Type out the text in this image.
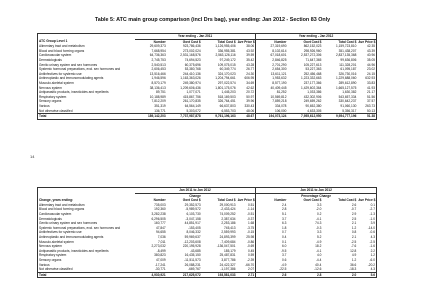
Table 5: ATC main group comparison (incl Drs bag), year ending: Jan 2012 - Section 83 Only
14
	Year ending - Jan 2011				Year ending - Jan 2012			
ATC Group Level 1	Number	Govt Cost $	Total Cost $	Ave Price $	Number	Govt Cost $	Total Cost $	Ave Price $
Alimentary tract and metabolism	29,609,373	923,786,436	1,126,955,406	38.06	27,319,690	862,152,023	1,159,723,810	42.35
Blood and blood forming organs	7,668,954	273,002,024	336,955,381	43.92	8,102,614	298,926,960	351,438,207	43.39
Cardiovascular system	64,736,363	2,531,168,576	2,563,126,116	39.59	67,018,601	2,537,272,306	2,837,135,368	40.96
Dermatologicals	2,745,753	74,694,523	97,249,172	35.42	2,846,825	71,647,365	99,636,806	35.05
Genito urinary system and sex hormones	2,540,513	60,375,696	109,075,015	43.28	2,701,290	105,227,613	111,328,201	44.96
Systemic hormonal preparations, excl. sex hormones and	2,606,453	53,380,768	60,349,774	26.77	2,654,300	53,227,363	61,095,187	23.02
Antiinfectives for systemic use	13,516,466	244,410,136	324,170,023	24.30	13,611,121	252,456,468	326,730,016	24.15
Antineoplastic and immunomodulating agents	1,946,596	1,163,363,026	1,204,794,661	606.95	1,953,632	1,223,332,663	1,229,688,060	632.93
Musculo-skeletal system	8,570,179	249,380,974	297,022,574	34.69	8,577,190	237,177,366	289,612,890	33.83
Nervous system	38,136,413	1,209,606,436	1,801,175,076	42.62	40,409,445	1,429,602,364	1,665,127,575	41.93
Antiparasitic products, insecticides and repellents	89,751	1,077,071	1,445,203	20.72	81,252	1,033,386	1,630,382	21.17
Respiratory system	10,188,989	415,867,756	518,169,503	50.97	10,569,812	432,302,906	543,657,334	51.56
Sensory organs	7,812,209	261,170,835	326,764,451	39.96	7,859,218	249,659,262	330,642,237	37.57
Various	351,319	64,564,149	66,637,803	330.43	334,078	90,652,380	91,060,130	263.73
Not otherwise classified	136,771	5,303,072	6,553,703	48.06	106,000	4,633,305	5,356,317	50.13
Total	189,142,203	7,737,987,878	9,761,196,163	48.67	194,073,124	7,955,612,950	9,954,777,196	51.38
	Jan 2011 to Jan 2012				Jan 2011 to Jan 2012			
	Change				Percentage Change			
Change, years ending:	Number	Govt Cost $	Total Cost $	Ave Price $	Number	Govt Cost $	Total Cost $	Ave Price $
Alimentary tract and metabolism	735,003	29,352,573	29,000,913	0.51	2.4	3.3	2.6	0.1
Blood and blood forming organs	192,360	-5,989,572	-2,433,424	-1.14	2.8	-2.0	-0.7	-2.7
Cardiovascular system	3,282,238	6,103,730	74,009,252	-0.51	5.1	0.2	2.9	-1.3
Dermatologicals	6,296,505	-3,047,158	2,387,634	-0.37	3.7	-4.1	2.5	-1.0
Genito urinary system and sex hormones	160,777	44,851,917	2,253,186	1.68	6.3	74.3	2.1	3.9
Systemic hormonal preparations, excl. sex hormones and	47,847	-153,405	745,413	-3.75	1.8	-0.3	1.2	-14.0
Antiinfectives for systemic use	94,655	8,046,332	2,559,993	-0.15	0.7	3.3	0.8	-0.6
Antineoplastic and immunomodulating agents	7,036	59,969,637	24,893,399	25.98	0.4	5.2	2.1	4.3
Musculo-skeletal system	7,011	-12,203,608	-7,409,684	-0.86	0.1	-4.9	-2.5	-2.5
Nervous system	2,273,032	220,195,928	-136,047,501	-0.69	6.0	18.2	-7.6	-1.6
Antiparasitic products, insecticides and repellents	-8,499	-43,685	185,179	0.45	-9.5	-4.1	12.8	2.2
Respiratory system	380,823	16,435,150	25,487,831	0.59	3.7	4.0	4.9	1.2
Sensory organs	47,009	-11,511,573	3,877,786	-2.39	0.6	-4.4	1.2	-6.0
Various	-17,241	26,088,231	24,422,327	-66.70	-4.9	40.4	36.6	-20.2
Not otherwise classified	-30,771	-669,767	-1,197,386	2.07	-22.5	-12.6	-18.3	4.3
Total	4,930,921	217,625,072	193,581,033	2.71	2.6	2.8	2.0	5.6
